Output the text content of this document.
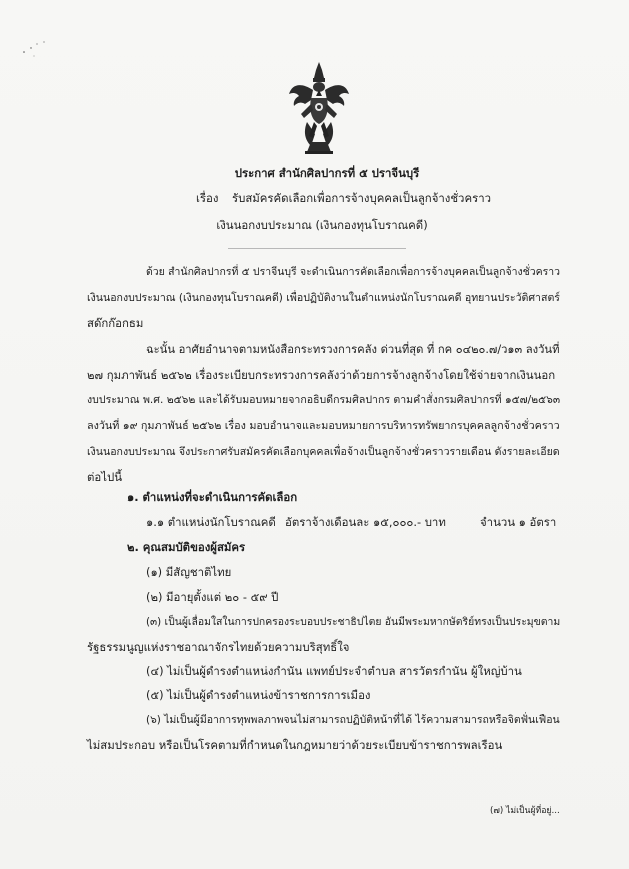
ประกาศ สำนักศิลปากรที่ ๕ ปราจีนบุรี
เรื่อง รับสมัครคัดเลือกเพื่อการจ้างบุคคลเป็นลูกจ้างชั่วคราว
เงินนอกงบประมาณ (เงินกองทุนโบราณคดี)
ด้วย สำนักศิลปากรที่ ๕ ปราจีนบุรี จะดำเนินการคัดเลือกเพื่อการจ้างบุคคลเป็นลูกจ้างชั่วคราว
เงินนอกงบประมาณ (เงินกองทุนโบราณคดี) เพื่อปฏิบัติงานในตำแหน่งนักโบราณคดี อุทยานประวัติศาสตร์
สด๊กก๊อกธม
ฉะนั้น อาศัยอำนาจตามหนังสือกระทรวงการคลัง ด่วนที่สุด ที่ กค ๐๔๒๐.๗/ว๑๓ ลงวันที่
๒๗ กุมภาพันธ์ ๒๕๖๒ เรื่องระเบียบกระทรวงการคลังว่าด้วยการจ้างลูกจ้างโดยใช้จ่ายจากเงินนอก
งบประมาณ พ.ศ. ๒๕๖๒ และได้รับมอบหมายจากอธิบดีกรมศิลปากร ตามคำสั่งกรมศิลปากรที่ ๑๕๗/๒๕๖๓
ลงวันที่ ๑๙ กุมภาพันธ์ ๒๕๖๒ เรื่อง มอบอำนาจและมอบหมายการบริหารทรัพยากรบุคคลลูกจ้างชั่วคราว
เงินนอกงบประมาณ จึงประกาศรับสมัครคัดเลือกบุคคลเพื่อจ้างเป็นลูกจ้างชั่วคราวรายเดือน ดังรายละเอียด
ต่อไปนี้
๑. ตำแหน่งที่จะดำเนินการคัดเลือก
๑.๑ ตำแหน่งนักโบราณคดี อัตราจ้างเดือนละ ๑๕,๐๐๐.- บาท	จำนวน ๑ อัตรา
๒. คุณสมบัติของผู้สมัคร
(๑) มีสัญชาติไทย
(๒) มีอายุตั้งแต่ ๒๐ - ๕๙ ปี
(๓) เป็นผู้เลื่อมใสในการปกครองระบอบประชาธิปไตย อันมีพระมหากษัตริย์ทรงเป็นประมุขตาม
รัฐธรรมนูญแห่งราชอาณาจักรไทยด้วยความบริสุทธิ์ใจ
(๔) ไม่เป็นผู้ดำรงตำแหน่งกำนัน แพทย์ประจำตำบล สารวัตรกำนัน ผู้ใหญ่บ้าน
(๕) ไม่เป็นผู้ดำรงตำแหน่งข้าราชการการเมือง
(๖) ไม่เป็นผู้มีอาการทุพพลภาพจนไม่สามารถปฏิบัติหน้าที่ได้ ไร้ความสามารถหรือจิตฟั่นเฟือน
ไม่สมประกอบ หรือเป็นโรคตามที่กำหนดในกฎหมายว่าด้วยระเบียบข้าราชการพลเรือน
(๗) ไม่เป็นผู้ที่อยู่...
